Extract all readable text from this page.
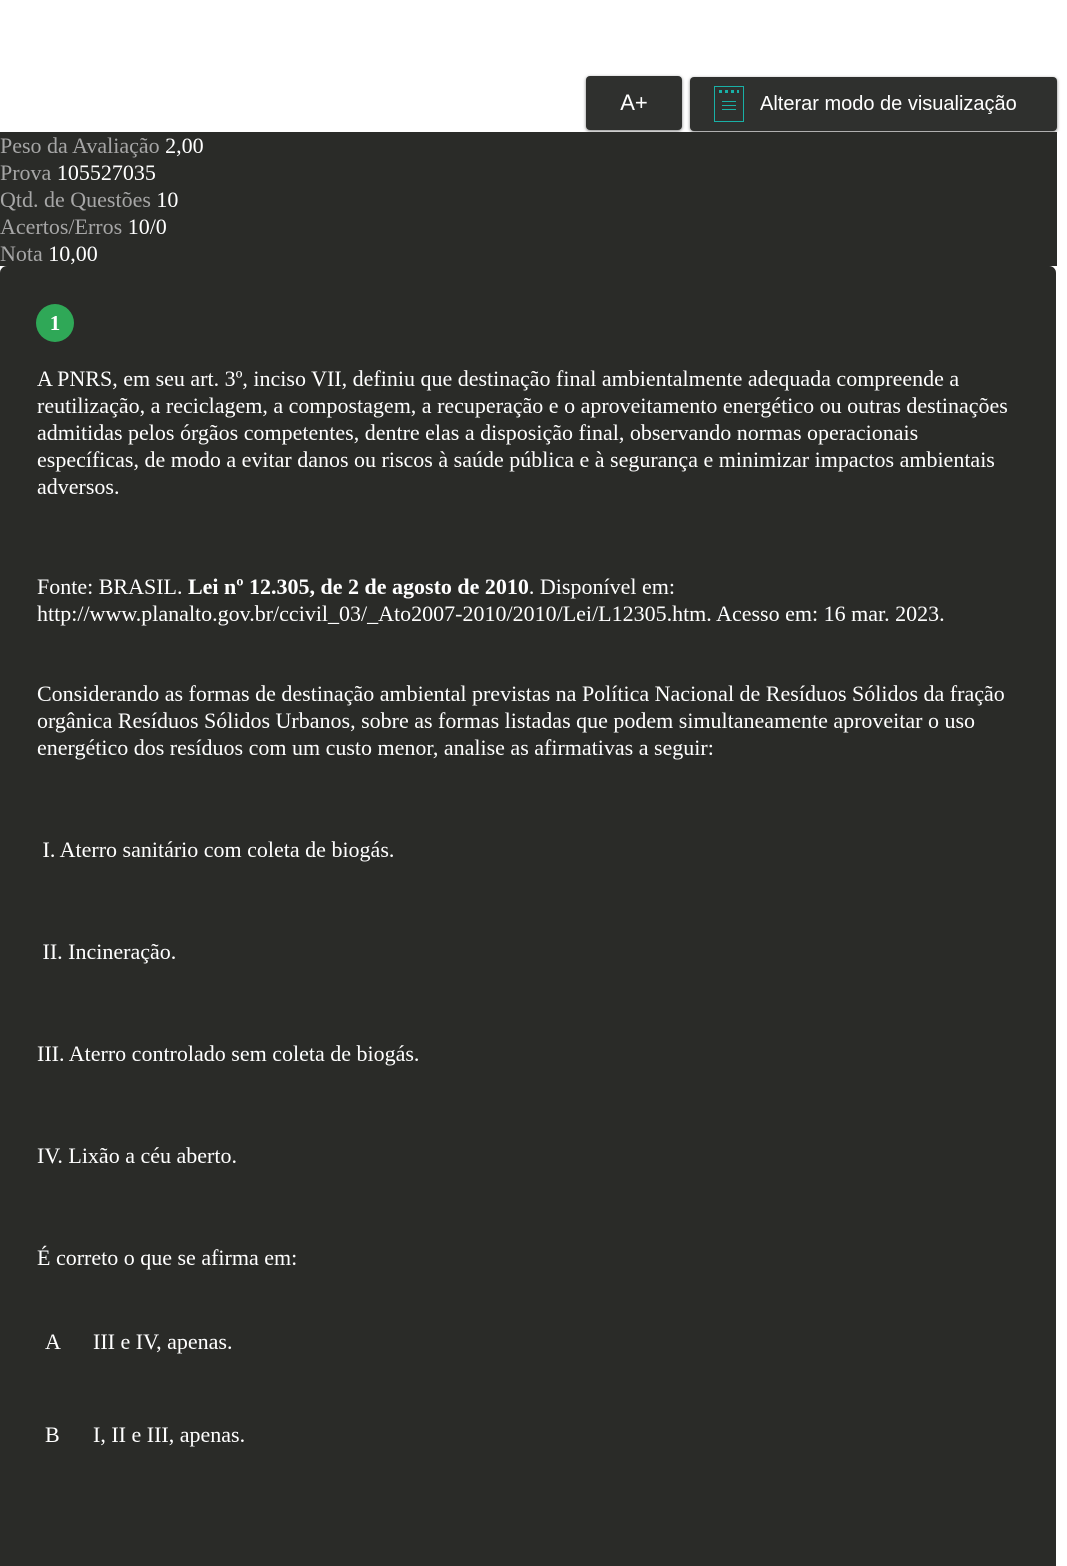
A+	Alterar modo de visualização
Peso da Avaliação 2,00
Prova 105527035
Qtd. de Questões 10
Acertos/Erros 10/0
Nota 10,00
1

A PNRS, em seu art. 3º, inciso VII, definiu que destinação final ambientalmente adequada compreende a reutilização, a reciclagem, a compostagem, a recuperação e o aproveitamento energético ou outras destinações admitidas pelos órgãos competentes, dentre elas a disposição final, observando normas operacionais específicas, de modo a evitar danos ou riscos à saúde pública e à segurança e minimizar impactos ambientais adversos.

Fonte: BRASIL. Lei nº 12.305, de 2 de agosto de 2010. Disponível em: http://www.planalto.gov.br/ccivil_03/_Ato2007-2010/2010/Lei/L12305.htm. Acesso em: 16 mar. 2023.

Considerando as formas de destinação ambiental previstas na Política Nacional de Resíduos Sólidos da fração orgânica Resíduos Sólidos Urbanos, sobre as formas listadas que podem simultaneamente aproveitar o uso energético dos resíduos com um custo menor, analise as afirmativas a seguir:

I. Aterro sanitário com coleta de biogás.

II. Incineração.

III. Aterro controlado sem coleta de biogás.

IV. Lixão a céu aberto.

É correto o que se afirma em:

A	III e IV, apenas.
B	I, II e III, apenas.
